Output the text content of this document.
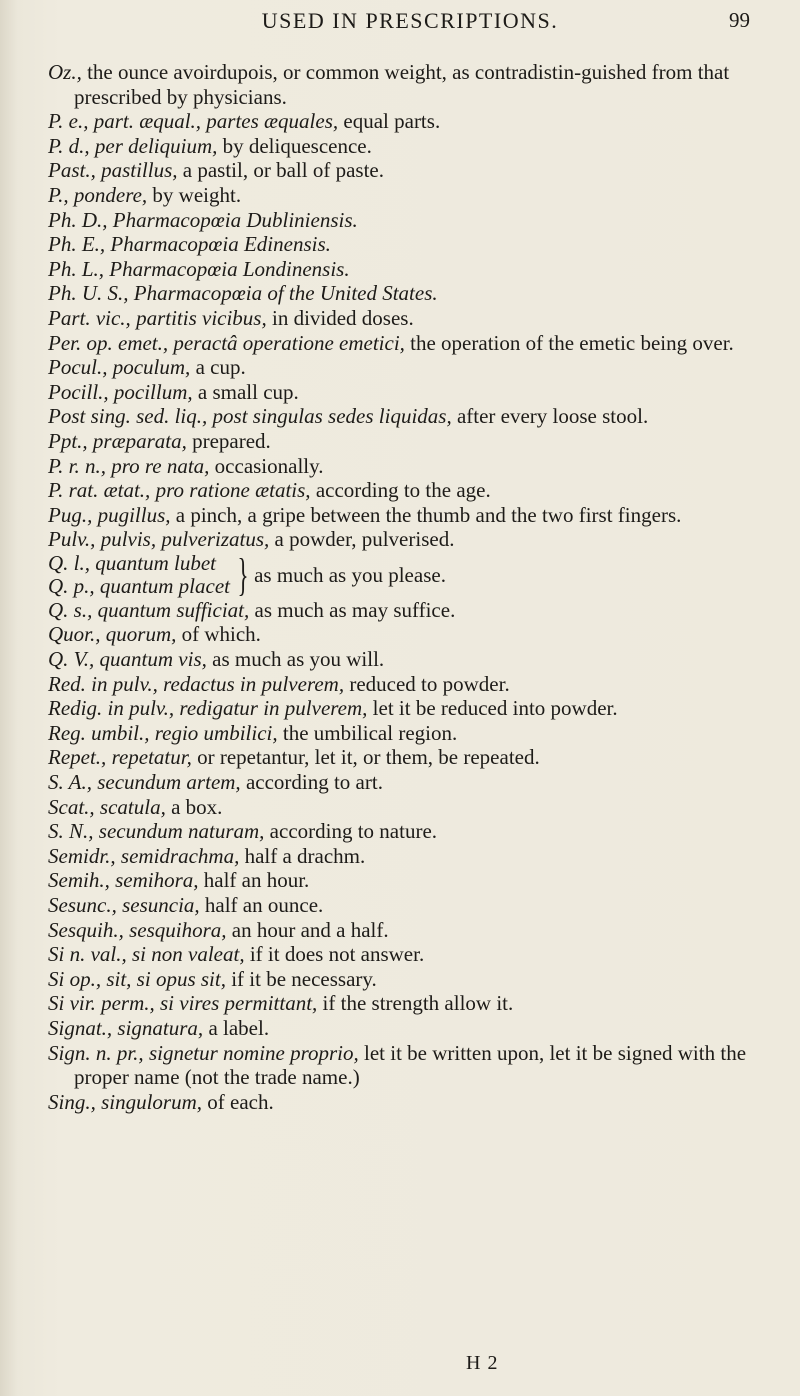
USED IN PRESCRIPTIONS.	99

Oz., the ounce avoirdupois, or common weight, as contradistin-guished from that prescribed by physicians.

P. e., part. æqual., partes æquales, equal parts.

P. d., per deliquium, by deliquescence.

Past., pastillus, a pastil, or ball of paste.

P., pondere, by weight.

Ph. D., Pharmacopœia Dubliniensis.

Ph. E., Pharmacopœia Edinensis.

Ph. L., Pharmacopœia Londinensis.

Ph. U. S., Pharmacopœia of the United States.

Part. vic., partitis vicibus, in divided doses.

Per. op. emet., peractâ operatione emetici, the operation of the emetic being over.

Pocul., poculum, a cup.

Pocill., pocillum, a small cup.

Post sing. sed. liq., post singulas sedes liquidas, after every loose stool.

Ppt., præparata, prepared.

P. r. n., pro re nata, occasionally.

P. rat. ætat., pro ratione ætatis, according to the age.

Pug., pugillus, a pinch, a gripe between the thumb and the two first fingers.

Pulv., pulvis, pulverizatus, a powder, pulverised.

Q. l., quantum lubet
Q. p., quantum placet } as much as you please.

Q. s., quantum sufficiat, as much as may suffice.

Quor., quorum, of which.

Q. V., quantum vis, as much as you will.

Red. in pulv., redactus in pulverem, reduced to powder.

Redig. in pulv., redigatur in pulverem, let it be reduced into powder.

Reg. umbil., regio umbilici, the umbilical region.

Repet., repetatur, or repetantur, let it, or them, be repeated.

S. A., secundum artem, according to art.

Scat., scatula, a box.

S. N., secundum naturam, according to nature.

Semidr., semidrachma, half a drachm.

Semih., semihora, half an hour.

Sesunc., sesuncia, half an ounce.

Sesquih., sesquihora, an hour and a half.

Si n. val., si non valeat, if it does not answer.

Si op., sit, si opus sit, if it be necessary.

Si vir. perm., si vires permittant, if the strength allow it.

Signat., signatura, a label.

Sign. n. pr., signetur nomine proprio, let it be written upon, let it be signed with the proper name (not the trade name.)

Sing., singulorum, of each.

H 2
